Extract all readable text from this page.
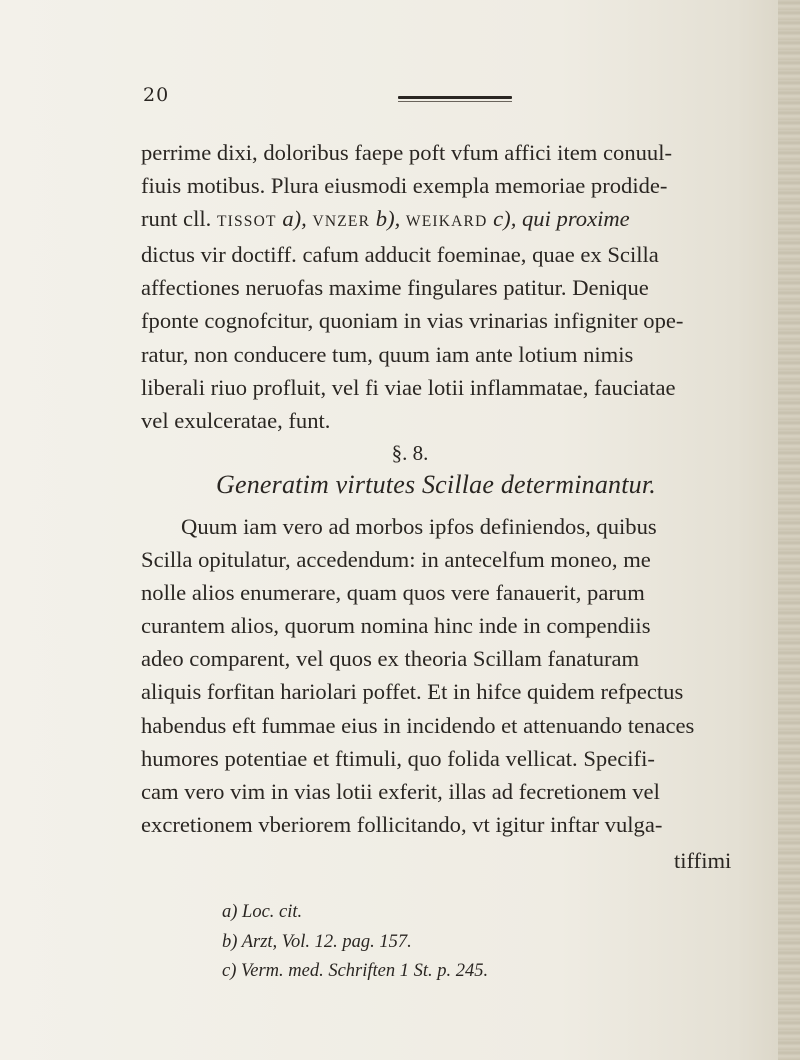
20
perrime dixi, doloribus faepe poft vfum affici item conuul-
fiuis motibus. Plura eiusmodi exempla memoriae prodide-
runt cll. TISSOT a), VNZER b), WEIKARD c), qui proxime
dictus vir doctiff. cafum adducit foeminae, quae ex Scilla
affectiones neruofas maxime fingulares patitur. Denique
fponte cognofcitur, quoniam in vias vrinarias infigniter ope-
ratur, non conducere tum, quum iam ante lotium nimis
liberali riuo profluit, vel fi viae lotii inflammatae, fauciatae
vel exulceratae, funt.
§. 8.
Generatim virtutes Scillae determinantur.
Quum iam vero ad morbos ipfos definiendos, quibus
Scilla opitulatur, accedendum: in antecelfum moneo, me
nolle alios enumerare, quam quos vere fanauerit, parum
curantem alios, quorum nomina hinc inde in compendiis
adeo comparent, vel quos ex theoria Scillam fanaturam
aliquis forfitan hariolari poffet. Et in hifce quidem refpectus
habendus eft fummae eius in incidendo et attenuando tenaces
humores potentiae et ftimuli, quo folida vellicat. Specifi-
cam vero vim in vias lotii exferit, illas ad fecretionem vel
excretionem vberiorem follicitando, vt igitur inftar vulga-
tiffimi
a) Loc. cit.
b) Arzt, Vol. 12. pag. 157.
c) Verm. med. Schriften 1 St. p. 245.
